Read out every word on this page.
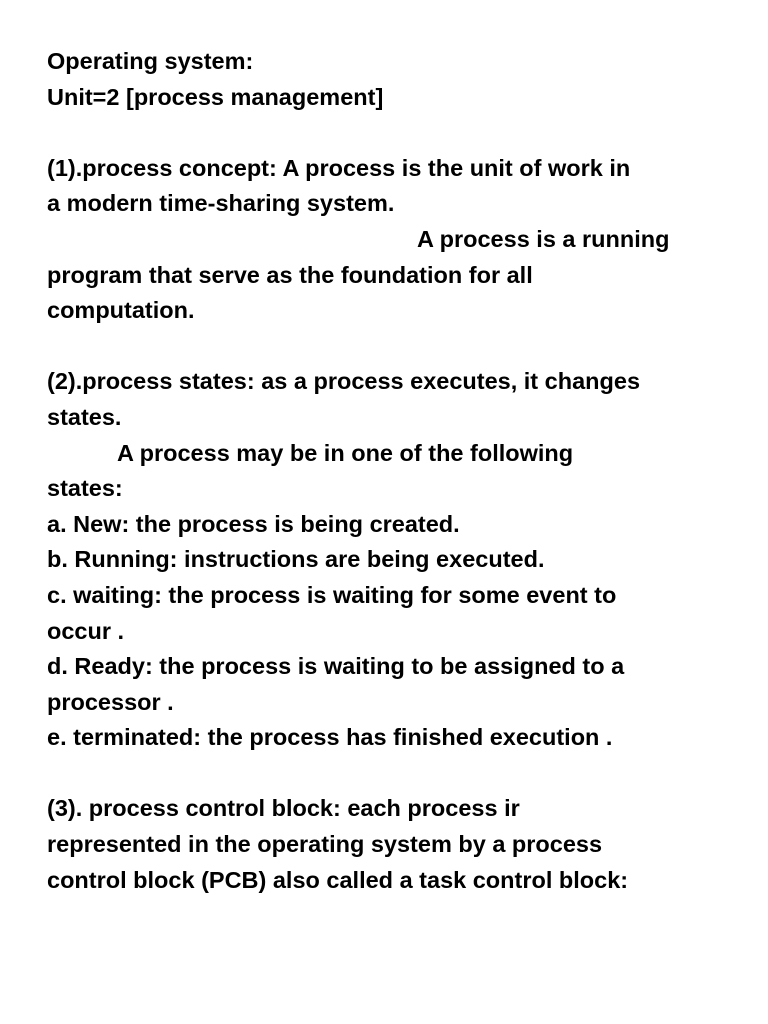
Operating system:
Unit=2 [process management]
(1).process concept: A process is the unit of work in
a modern time-sharing system.
A process is a running
program that serve as the foundation for all
computation.
(2).process states: as a process executes, it changes
states.
A process may be in one of the following
states:
a. New: the process is being created.
b. Running: instructions are being executed.
c. waiting: the process is waiting for some event to
occur .
d. Ready: the process is waiting to be assigned to a
processor .
e. terminated: the process has finished execution .
(3). process control block: each process ir
represented in the operating system by a process
control block (PCB) also called a task control block:
